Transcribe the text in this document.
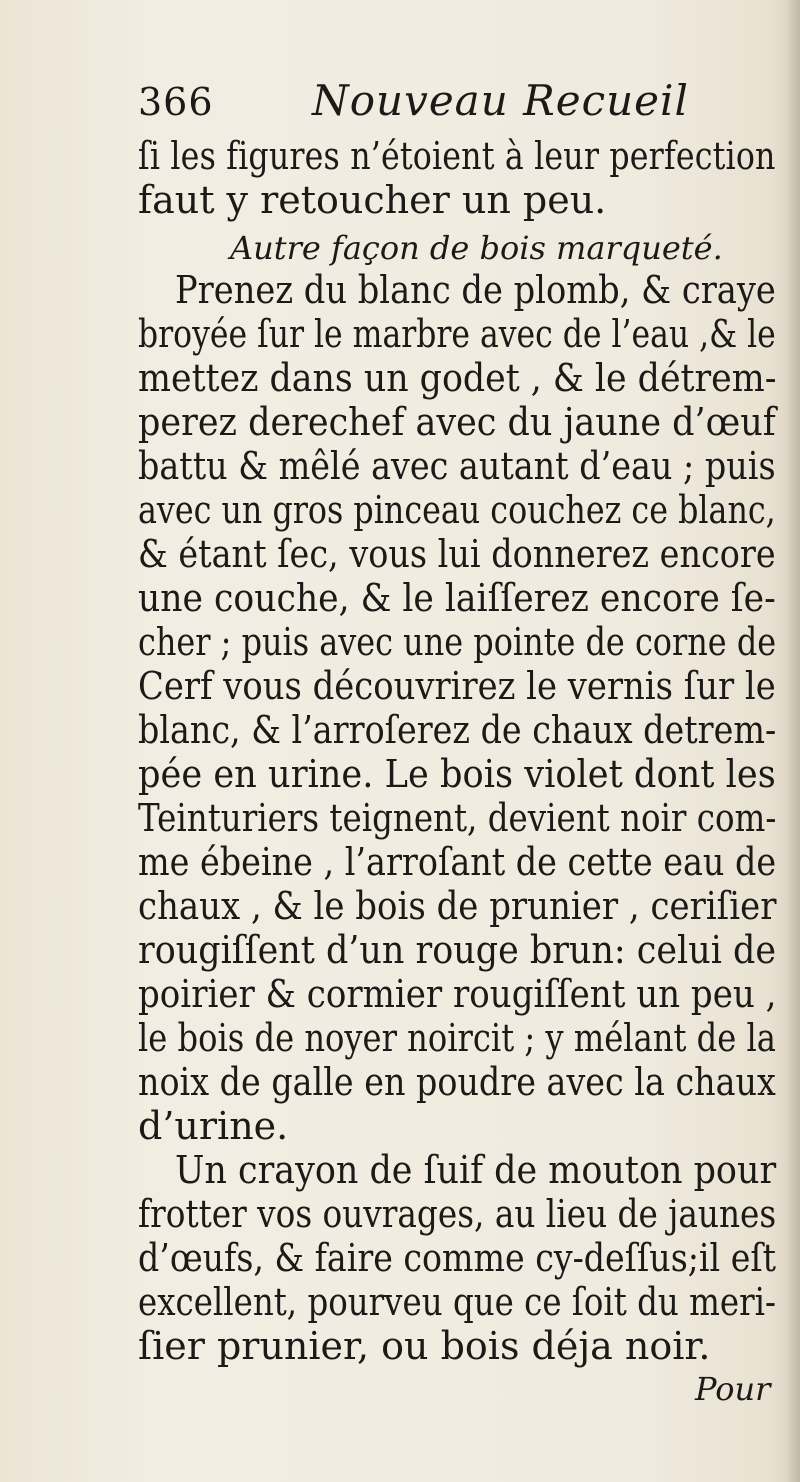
366 Nouveau Recueil
ſi les figures n’étoient à leur perfection
faut y retoucher un peu.
Autre façon de bois marqueté.
Prenez du blanc de plomb, & craye
broyée ſur le marbre avec de l’eau ,& le
mettez dans un godet , & le détrem-
perez derechef avec du jaune d’œuf
battu & mêlé avec autant d’eau ; puis
avec un gros pinceau couchez ce blanc,
& étant ſec, vous lui donnerez encore
une couche, & le laiſſerez encore ſe-
cher ; puis avec une pointe de corne de
Cerf vous découvrirez le vernis ſur le
blanc, & l’arroſerez de chaux detrem-
pée en urine. Le bois violet dont les
Teinturiers teignent, devient noir com-
me ébeine , l’arroſant de cette eau de
chaux , & le bois de prunier , ceriſier
rougiſſent d’un rouge brun: celui de
poirier & cormier rougiſſent un peu ,
le bois de noyer noircit ; y mélant de la
noix de galle en poudre avec la chaux
d’urine.
Un crayon de ſuif de mouton pour
frotter vos ouvrages, au lieu de jaunes
d’œufs, & faire comme cy-deſſus;il eſt
excellent, pourveu que ce ſoit du meri-
ſier prunier, ou bois déja noir.
Pour
